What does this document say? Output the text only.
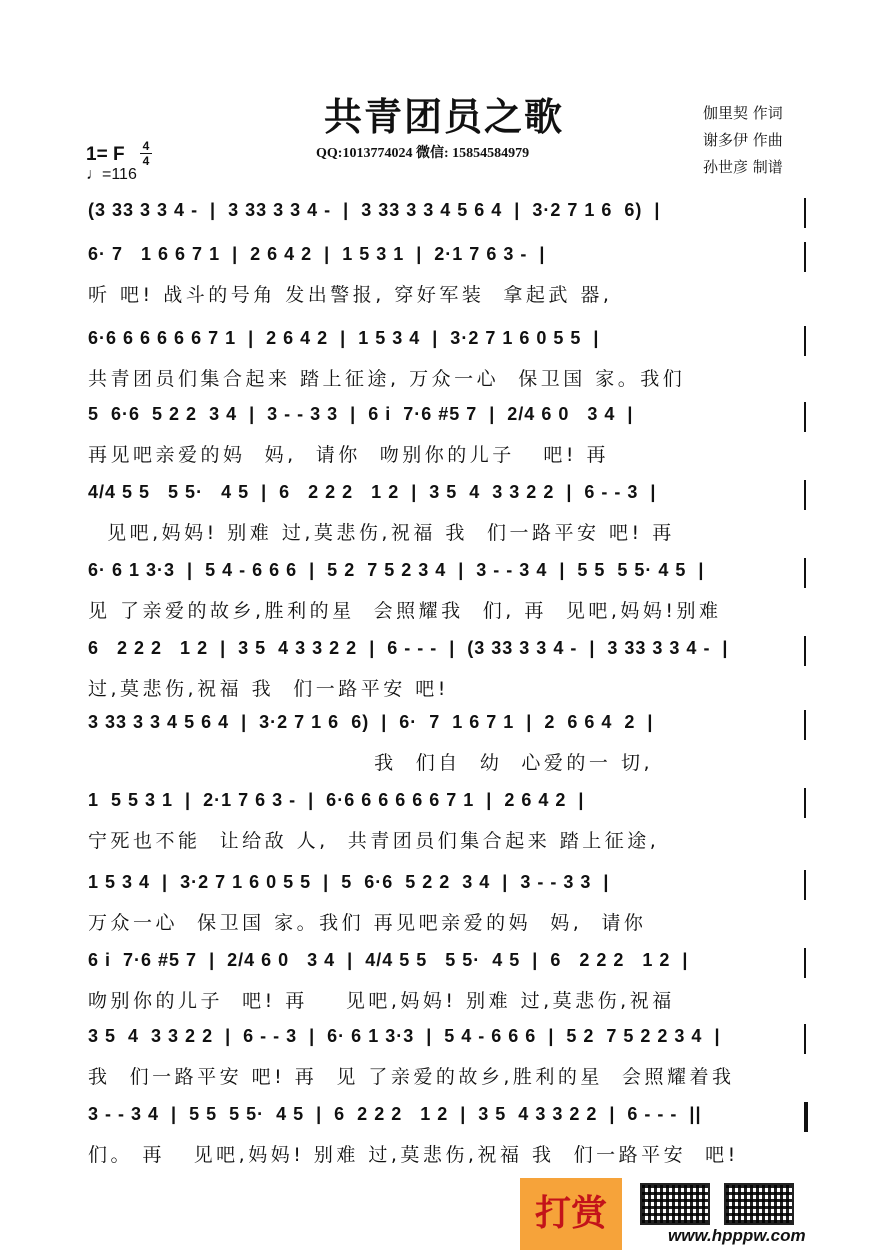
共青团员之歌
QQ:1013774024 微信: 15854584979
伽里契 作词
谢多伊 作曲
孙世彦 制谱
1= F 4
4
♩=116
(3 33 3 3 4 -  |  3 33 3 3 4 -  |  3 33 3 3 4 5 6 4  |  3·2 7 1 6  6)  |
6· 7   1 6 6 7 1  |  2 6 4 2  |  1 5 3 1  |  2·1 7 6 3 -  |
听 吧! 战斗的号角 发出警报, 穿好军装  拿起武 器,
6·6 6 6 6 6 6 7 1  |  2 6 4 2  |  1 5 3 4  |  3·2 7 1 6 0 5 5  |
共青团员们集合起来 踏上征途, 万众一心  保卫国 家。我们
5  6·6  5 2 2  3 4  |  3 - - 3 3  |  6 i  7·6 #5 7  |  2/4 6 0   3 4  |
再见吧亲爱的妈  妈,  请你  吻别你的儿子   吧! 再
4/4 5 5   5 5·   4 5  |  6   2 2 2   1 2  |  3 5  4  3 3 2 2  |  6 - - 3  |
见吧,妈妈! 别难 过,莫悲伤,祝福 我  们一路平安 吧! 再
6· 6 1 3·3  |  5 4 - 6 6 6  |  5 2  7 5 2 3 4  |  3 - - 3 4  |  5 5  5 5· 4 5  |
见 了亲爱的故乡,胜利的星  会照耀我  们, 再  见吧,妈妈!别难
6   2 2 2   1 2  |  3 5  4 3 3 2 2  |  6 - - -  |  (3 33 3 3 4 -  |  3 33 3 3 4 -  |
过,莫悲伤,祝福 我  们一路平安 吧!
3 33 3 3 4 5 6 4  |  3·2 7 1 6  6)  |  6·  7  1 6 7 1  |  2  6 6 4  2  |
我  们自  幼  心爱的一 切,
1  5 5 3 1  |  2·1 7 6 3 -  |  6·6 6 6 6 6 6 7 1  |  2 6 4 2  |
宁死也不能  让给敌 人,  共青团员们集合起来 踏上征途,
1 5 3 4  |  3·2 7 1 6 0 5 5  |  5  6·6  5 2 2  3 4  |  3 - - 3 3  |
万众一心  保卫国 家。我们 再见吧亲爱的妈  妈,  请你
6 i  7·6 #5 7  |  2/4 6 0   3 4  |  4/4 5 5   5 5·  4 5  |  6   2 2 2   1 2  |
吻别你的儿子  吧! 再    见吧,妈妈! 别难 过,莫悲伤,祝福
3 5  4  3 3 2 2  |  6 - - 3  |  6· 6 1 3·3  |  5 4 - 6 6 6  |  5 2  7 5 2 2 3 4  |
我  们一路平安 吧! 再  见 了亲爱的故乡,胜利的星  会照耀着我
3 - - 3 4  |  5 5  5 5·  4 5  |  6  2 2 2   1 2  |  3 5  4 3 3 2 2  |  6 - - -  ||
们。 再   见吧,妈妈! 别难 过,莫悲伤,祝福 我  们一路平安  吧!
打赏
www.hpppw.com
